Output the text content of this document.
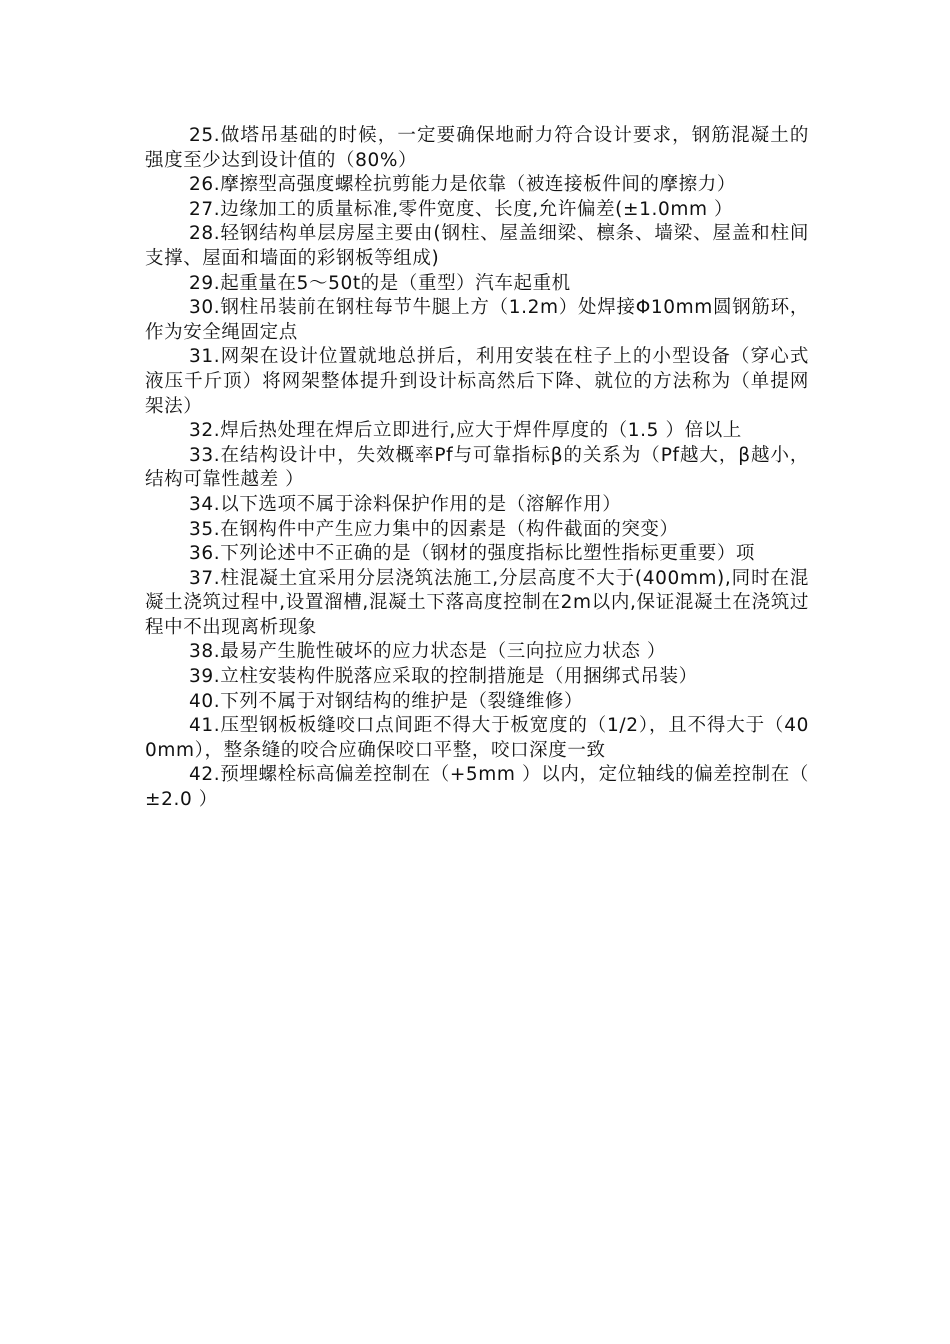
25.做塔吊基础的时候，一定要确保地耐力符合设计要求，钢筋混凝土的强度至少达到设计值的（80%）

26.摩擦型高强度螺栓抗剪能力是依靠（被连接板件间的摩擦力）

27.边缘加工的质量标准,零件宽度、长度,允许偏差(±1.0mm ）

28.轻钢结构单层房屋主要由(钢柱、屋盖细梁、檩条、墙梁、屋盖和柱间支撑、屋面和墙面的彩钢板等组成)

29.起重量在5～50t的是（重型）汽车起重机

30.钢柱吊装前在钢柱每节牛腿上方（1.2m）处焊接Φ10mm圆钢筋环，作为安全绳固定点

31.网架在设计位置就地总拼后，利用安装在柱子上的小型设备（穿心式液压千斤顶）将网架整体提升到设计标高然后下降、就位的方法称为（单提网架法）

32.焊后热处理在焊后立即进行,应大于焊件厚度的（1.5 ）倍以上

33.在结构设计中，失效概率Pf与可靠指标β的关系为（Pf越大，β越小，结构可靠性越差 ）

34.以下选项不属于涂料保护作用的是（溶解作用）

35.在钢构件中产生应力集中的因素是（构件截面的突变）

36.下列论述中不正确的是（钢材的强度指标比塑性指标更重要）项

37.柱混凝土宜采用分层浇筑法施工,分层高度不大于(400mm),同时在混凝土浇筑过程中,设置溜槽,混凝土下落高度控制在2m以内,保证混凝土在浇筑过程中不出现离析现象

38.最易产生脆性破坏的应力状态是（三向拉应力状态 ）

39.立柱安装构件脱落应采取的控制措施是（用捆绑式吊装）

40.下列不属于对钢结构的维护是（裂缝维修）

41.压型钢板板缝咬口点间距不得大于板宽度的（1/2），且不得大于（400mm），整条缝的咬合应确保咬口平整，咬口深度一致

42.预埋螺栓标高偏差控制在（+5mm ）以内，定位轴线的偏差控制在（ ±2.0 ）
